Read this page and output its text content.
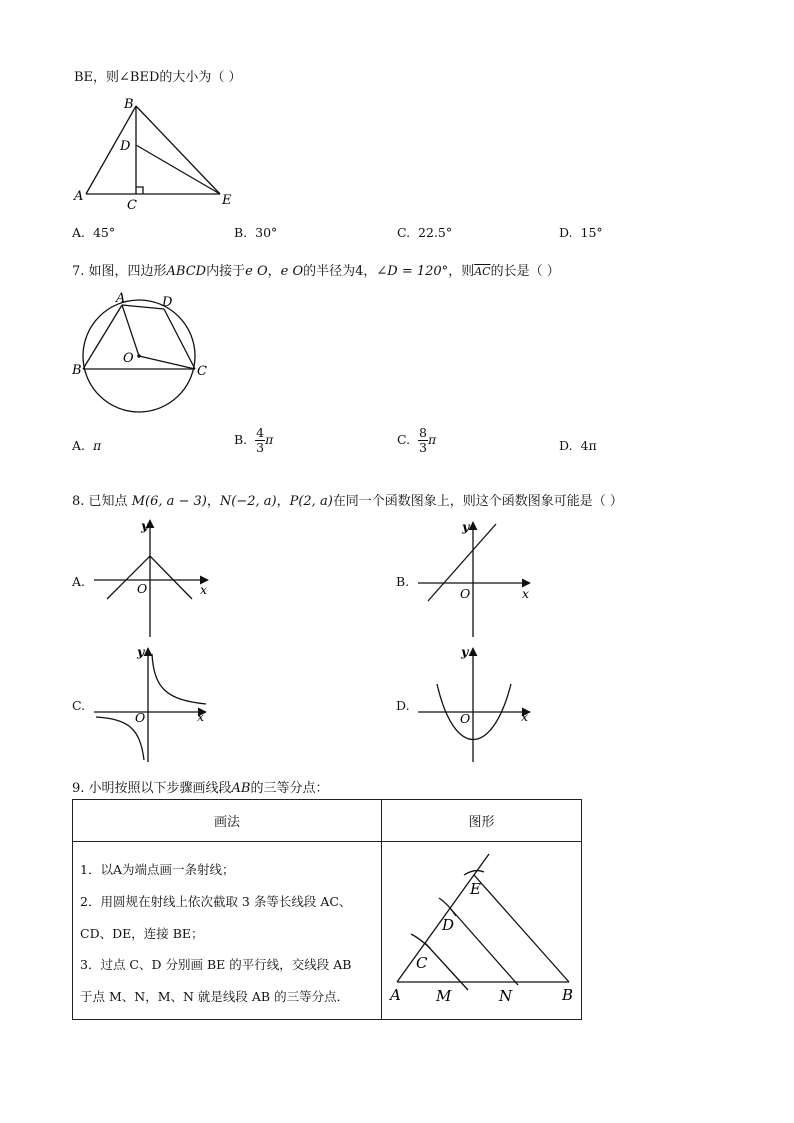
BE，则∠BED的大小为（ ）
B
D
A
C	E
A. 45°	B. 30°	C. 22.5°	D. 15°
7. 如图，四边形ABCD内接于e O，e O的半径为4，∠D = 120°，则$\overline{AC}$的长是（ ）
A	D
O
B	C
A. π	B. $\frac{4}{3}$ π	C. $\frac{8}{3}$ π	D. 4π
8. 已知点 M(6, a − 3)，N(−2, a)，P(2, a)在同一个函数图象上，则这个函数图象可能是（ ）
A.	B.
C.	D.
y
x
O
y
x
O
y
x
O
y
x
O
9. 小明按照以下步骤画线段AB的三等分点：
画法	图形

1．以A为端点画一条射线；
2．用圆规在射线上依次截取 3 条等长线段 AC、
CD、DE，连接 BE；
3．过点 C、D 分别画 BE 的平行线，交线段 AB
于点 M、N，M、N 就是线段 AB 的三等分点．
E
D
C
A M	N	B
